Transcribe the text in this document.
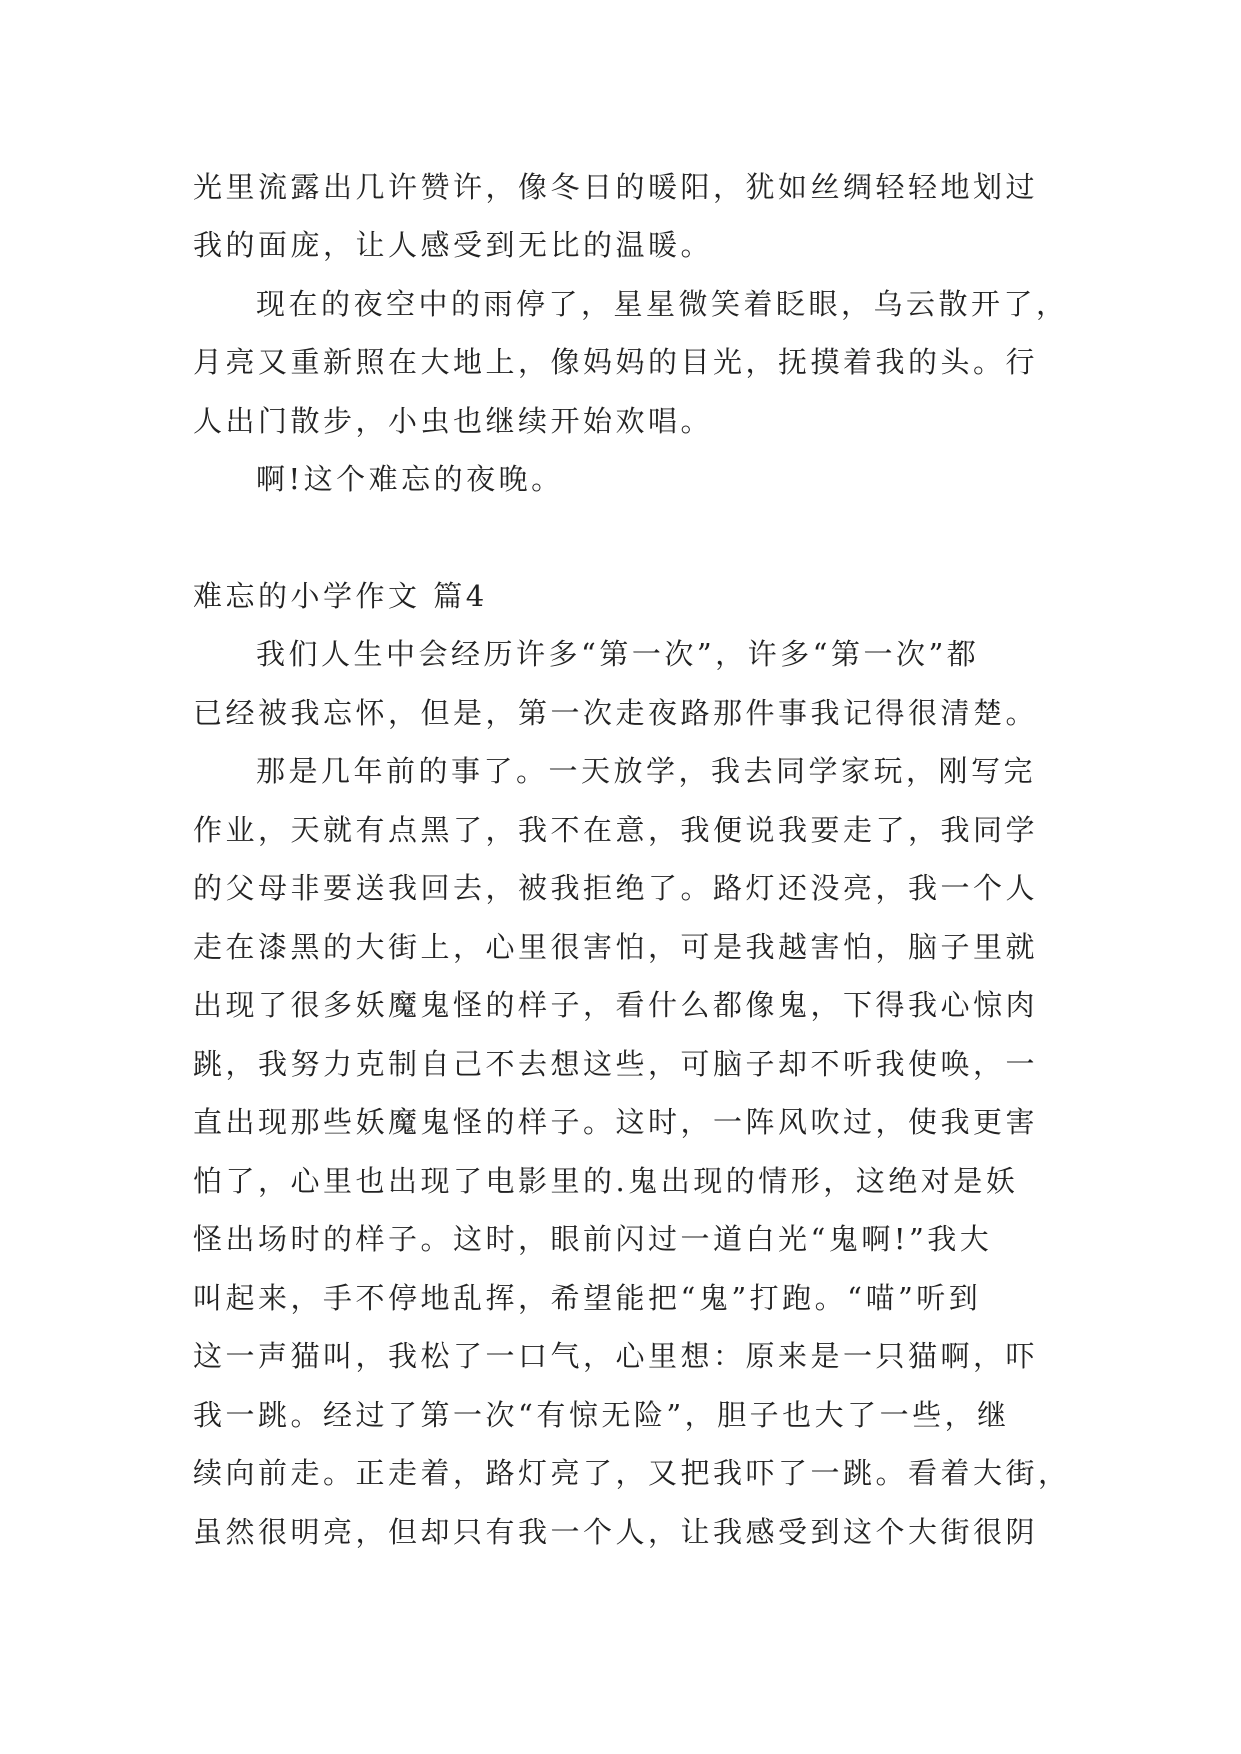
光里流露出几许赞许，像冬日的暖阳，犹如丝绸轻轻地划过

我的面庞，让人感受到无比的温暖。

现在的夜空中的雨停了，星星微笑着眨眼，乌云散开了，

月亮又重新照在大地上，像妈妈的目光，抚摸着我的头。行

人出门散步，小虫也继续开始欢唱。

啊!这个难忘的夜晚。

难忘的小学作文 篇4

我们人生中会经历许多“第一次”，许多“第一次”都

已经被我忘怀，但是，第一次走夜路那件事我记得很清楚。

那是几年前的事了。一天放学，我去同学家玩，刚写完

作业，天就有点黑了，我不在意，我便说我要走了，我同学

的父母非要送我回去，被我拒绝了。路灯还没亮，我一个人

走在漆黑的大街上，心里很害怕，可是我越害怕，脑子里就

出现了很多妖魔鬼怪的样子，看什么都像鬼，下得我心惊肉

跳，我努力克制自己不去想这些，可脑子却不听我使唤，一

直出现那些妖魔鬼怪的样子。这时，一阵风吹过，使我更害

怕了，心里也出现了电影里的.鬼出现的情形，这绝对是妖

怪出场时的样子。这时，眼前闪过一道白光“鬼啊!”我大

叫起来，手不停地乱挥，希望能把“鬼”打跑。“喵”听到

这一声猫叫，我松了一口气，心里想：原来是一只猫啊，吓

我一跳。经过了第一次“有惊无险”，胆子也大了一些，继

续向前走。正走着，路灯亮了，又把我吓了一跳。看着大街，

虽然很明亮，但却只有我一个人，让我感受到这个大街很阴
